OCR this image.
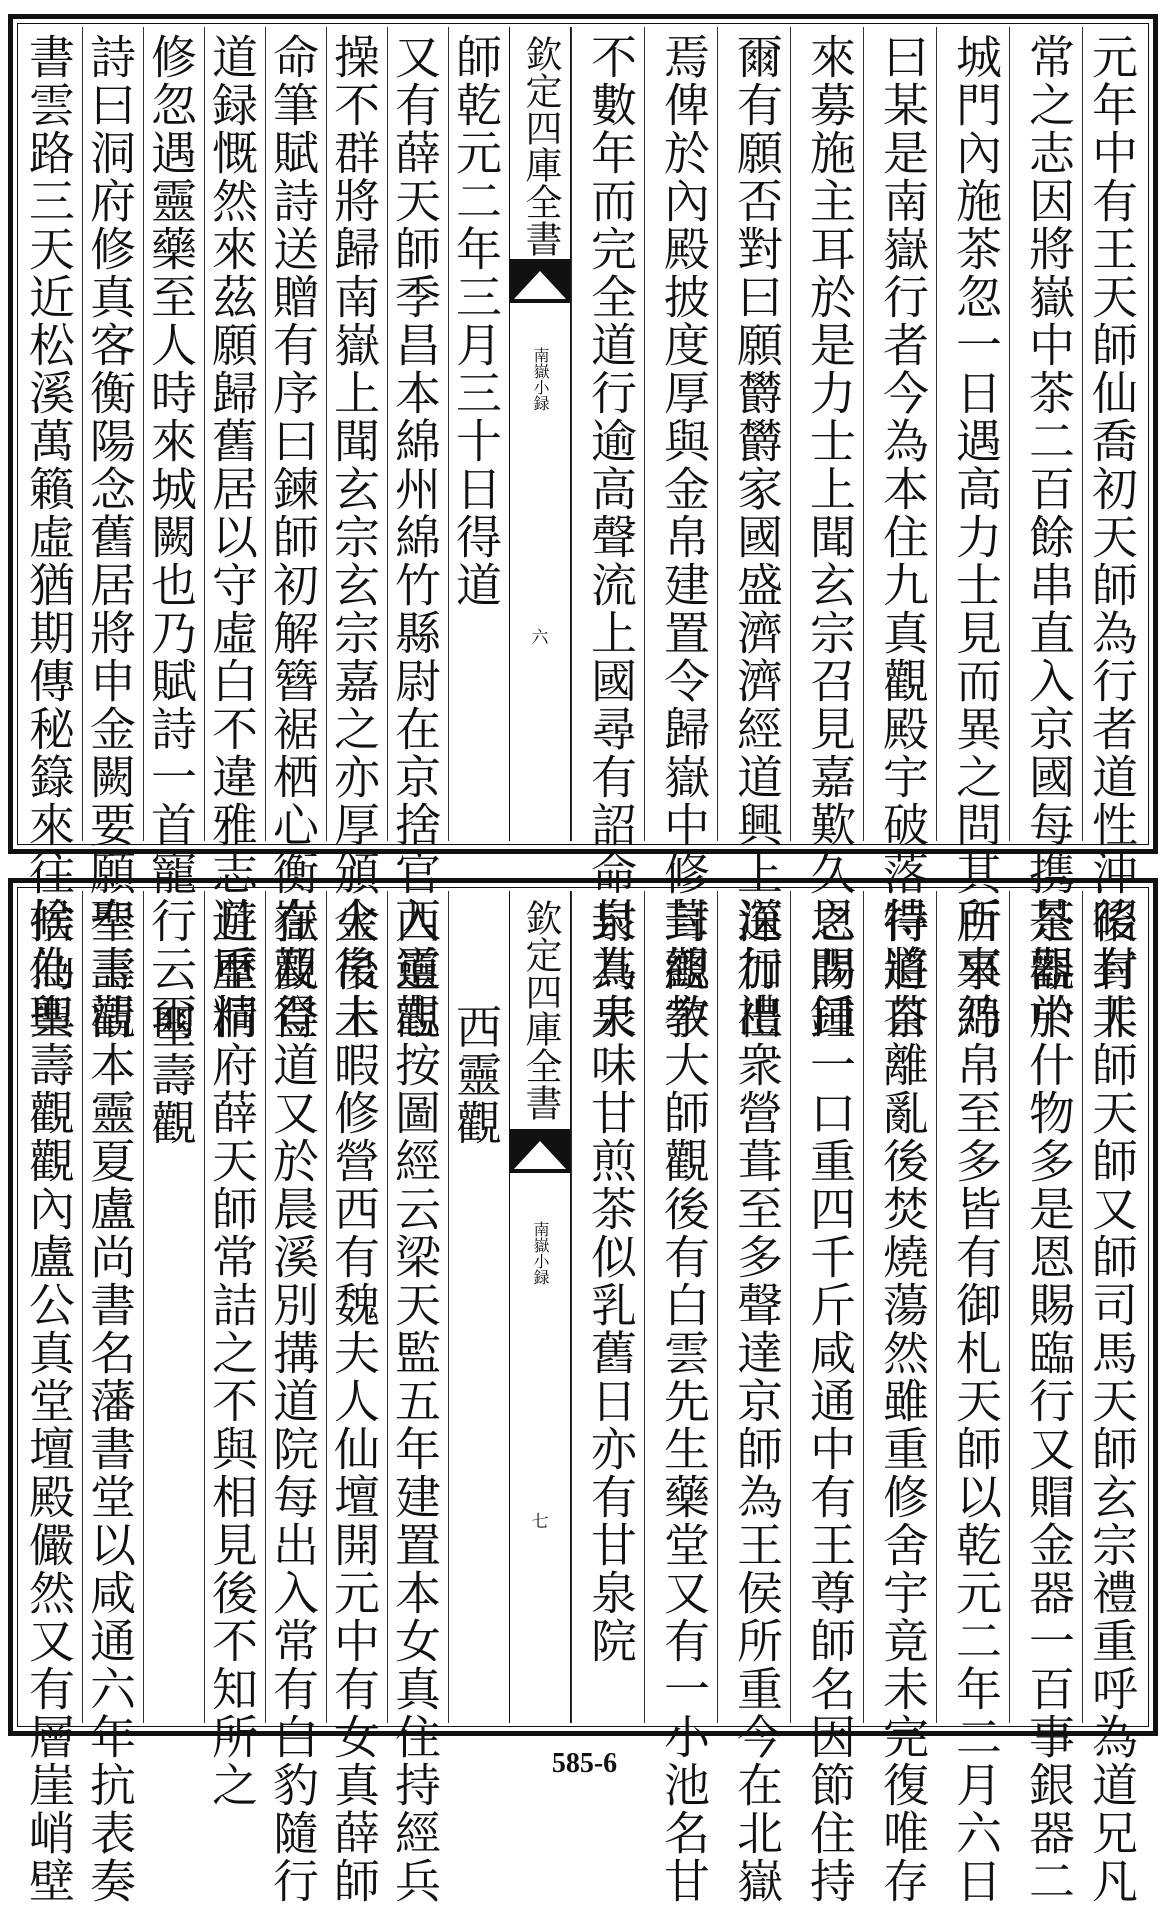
書雲路三天近松溪萬籟虛猶期傳秘籙來往候仙輿 詩曰洞府修真客衡陽念舊居將申金闕要願奉玉清 修忽遇靈藥至人時來城闕也乃賦詩一首寵行云爾 道録慨然來茲願歸舊居以守虛白不違雅志且重精 命筆賦詩送贈有序曰鍊師初解簪裾栖心衡嶽及登 操不群將歸南嶽上聞玄宗玄宗嘉之亦厚頒金帛上 又有薛天師季昌本綿州綿竹縣尉在京捨官入道志 師乾元二年三月三十日得道 欽定四庫全書
南嶽小録
六 不數年而完全道行逾高聲流上國尋有詔命封為天 焉俾於內殿披度厚與金帛建置令歸嶽中修葺觀宇 爾有願否對曰願欝欝家國盛濟濟經道興上深加禮 來募施主耳於是力士上聞玄宗召見嘉歎久之問曰 曰某是南嶽行者今為本住九真觀殿宇破落特將茶 城門內施茶忽一日遇高力士見而異之問其所來乃 常之志因將嶽中茶二百餘串直入京國每携茶器於 元年中有王天師仙喬初天師為行者道性沖昭有非
捨為聖壽觀觀內盧公真堂壇殿儼然又有層崖峭壁 聖壽觀本靈夏盧尚書名藩書堂以咸通六年抗表奏 聖壽觀 遊歷洞府薛天師常詰之不與相見後不知所之 在觀得道又於晨溪別搆道院每出入常有白豹隨行 火後未暇修營西有魏夫人仙壇開元中有女真薛師 西靈觀按圖經云梁天監五年建置本女真住持經兵 西靈觀 欽定四庫全書
南嶽小録
七 泉其泉味甘煎茶似乳舊日亦有甘泉院 封總教大師觀後有白雲先生藥堂又有一小池名甘 道行出衆營葺至多聲達京師為王侯所重今在北嶽 恩賜鍾一口重四千斤咸通中有王尊師名因節住持 得道自離亂後焚燒蕩然雖重修舍宇竟未完復唯存 百事綿帛至多皆有御札天師以乾元二年二月六日 是觀中什物多是恩賜臨行又賵金器一百事銀器二 後封天師天師又師司馬天師玄宗禮重呼為道兄凡
585-6
